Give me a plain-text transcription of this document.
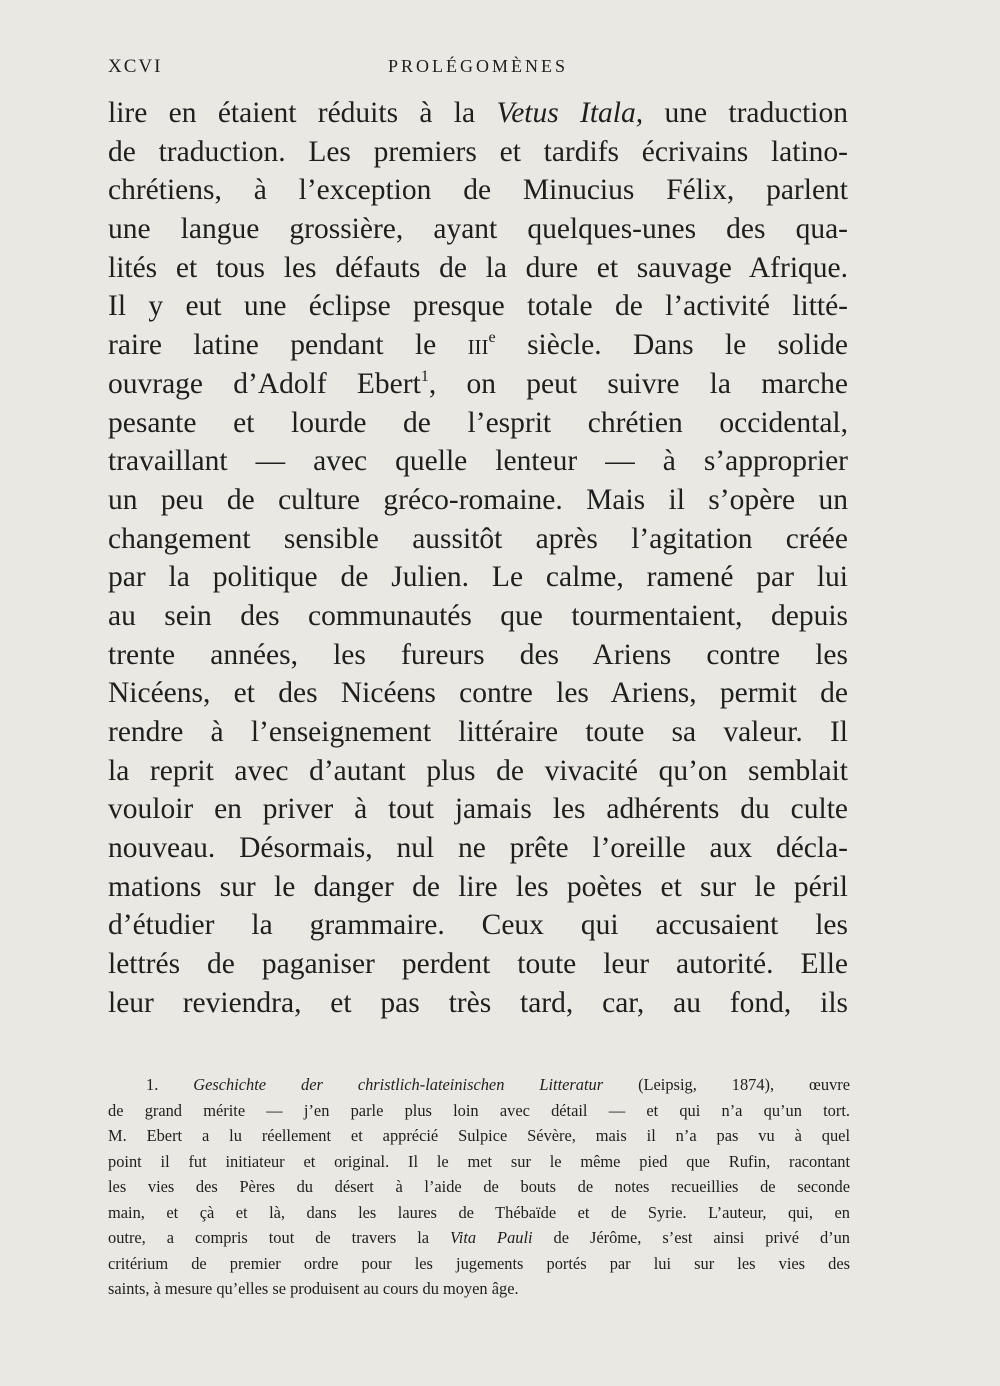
XCVI	PROLÉGOMÈNES
lire en étaient réduits à la Vetus Itala, une traduction
de traduction. Les premiers et tardifs écrivains latino-
chrétiens, à l’exception de Minucius Félix, parlent
une langue grossière, ayant quelques-unes des qua-
lités et tous les défauts de la dure et sauvage Afrique.
Il y eut une éclipse presque totale de l’activité litté-
raire latine pendant le iii$^e$ siècle. Dans le solide
ouvrage d’Adolf Ebert$^1$, on peut suivre la marche
pesante et lourde de l’esprit chrétien occidental,
travaillant — avec quelle lenteur — à s’approprier
un peu de culture gréco-romaine. Mais il s’opère un
changement sensible aussitôt après l’agitation créée
par la politique de Julien. Le calme, ramené par lui
au sein des communautés que tourmentaient, depuis
trente années, les fureurs des Ariens contre les
Nicéens, et des Nicéens contre les Ariens, permit de
rendre à l’enseignement littéraire toute sa valeur. Il
la reprit avec d’autant plus de vivacité qu’on semblait
vouloir en priver à tout jamais les adhérents du culte
nouveau. Désormais, nul ne prête l’oreille aux décla-
mations sur le danger de lire les poètes et sur le péril
d’étudier la grammaire. Ceux qui accusaient les
lettrés de paganiser perdent toute leur autorité. Elle
leur reviendra, et pas très tard, car, au fond, ils
1. Geschichte der christlich-lateinischen Litteratur (Leipsig, 1874), œuvre
de grand mérite — j’en parle plus loin avec détail — et qui n’a qu’un tort.
M. Ebert a lu réellement et apprécié Sulpice Sévère, mais il n’a pas vu à quel
point il fut initiateur et original. Il le met sur le même pied que Rufin, racontant
les vies des Pères du désert à l’aide de bouts de notes recueillies de seconde
main, et çà et là, dans les laures de Thébaïde et de Syrie. L’auteur, qui, en
outre, a compris tout de travers la Vita Pauli de Jérôme, s’est ainsi privé d’un
critérium de premier ordre pour les jugements portés par lui sur les vies des
saints, à mesure qu’elles se produisent au cours du moyen âge.
